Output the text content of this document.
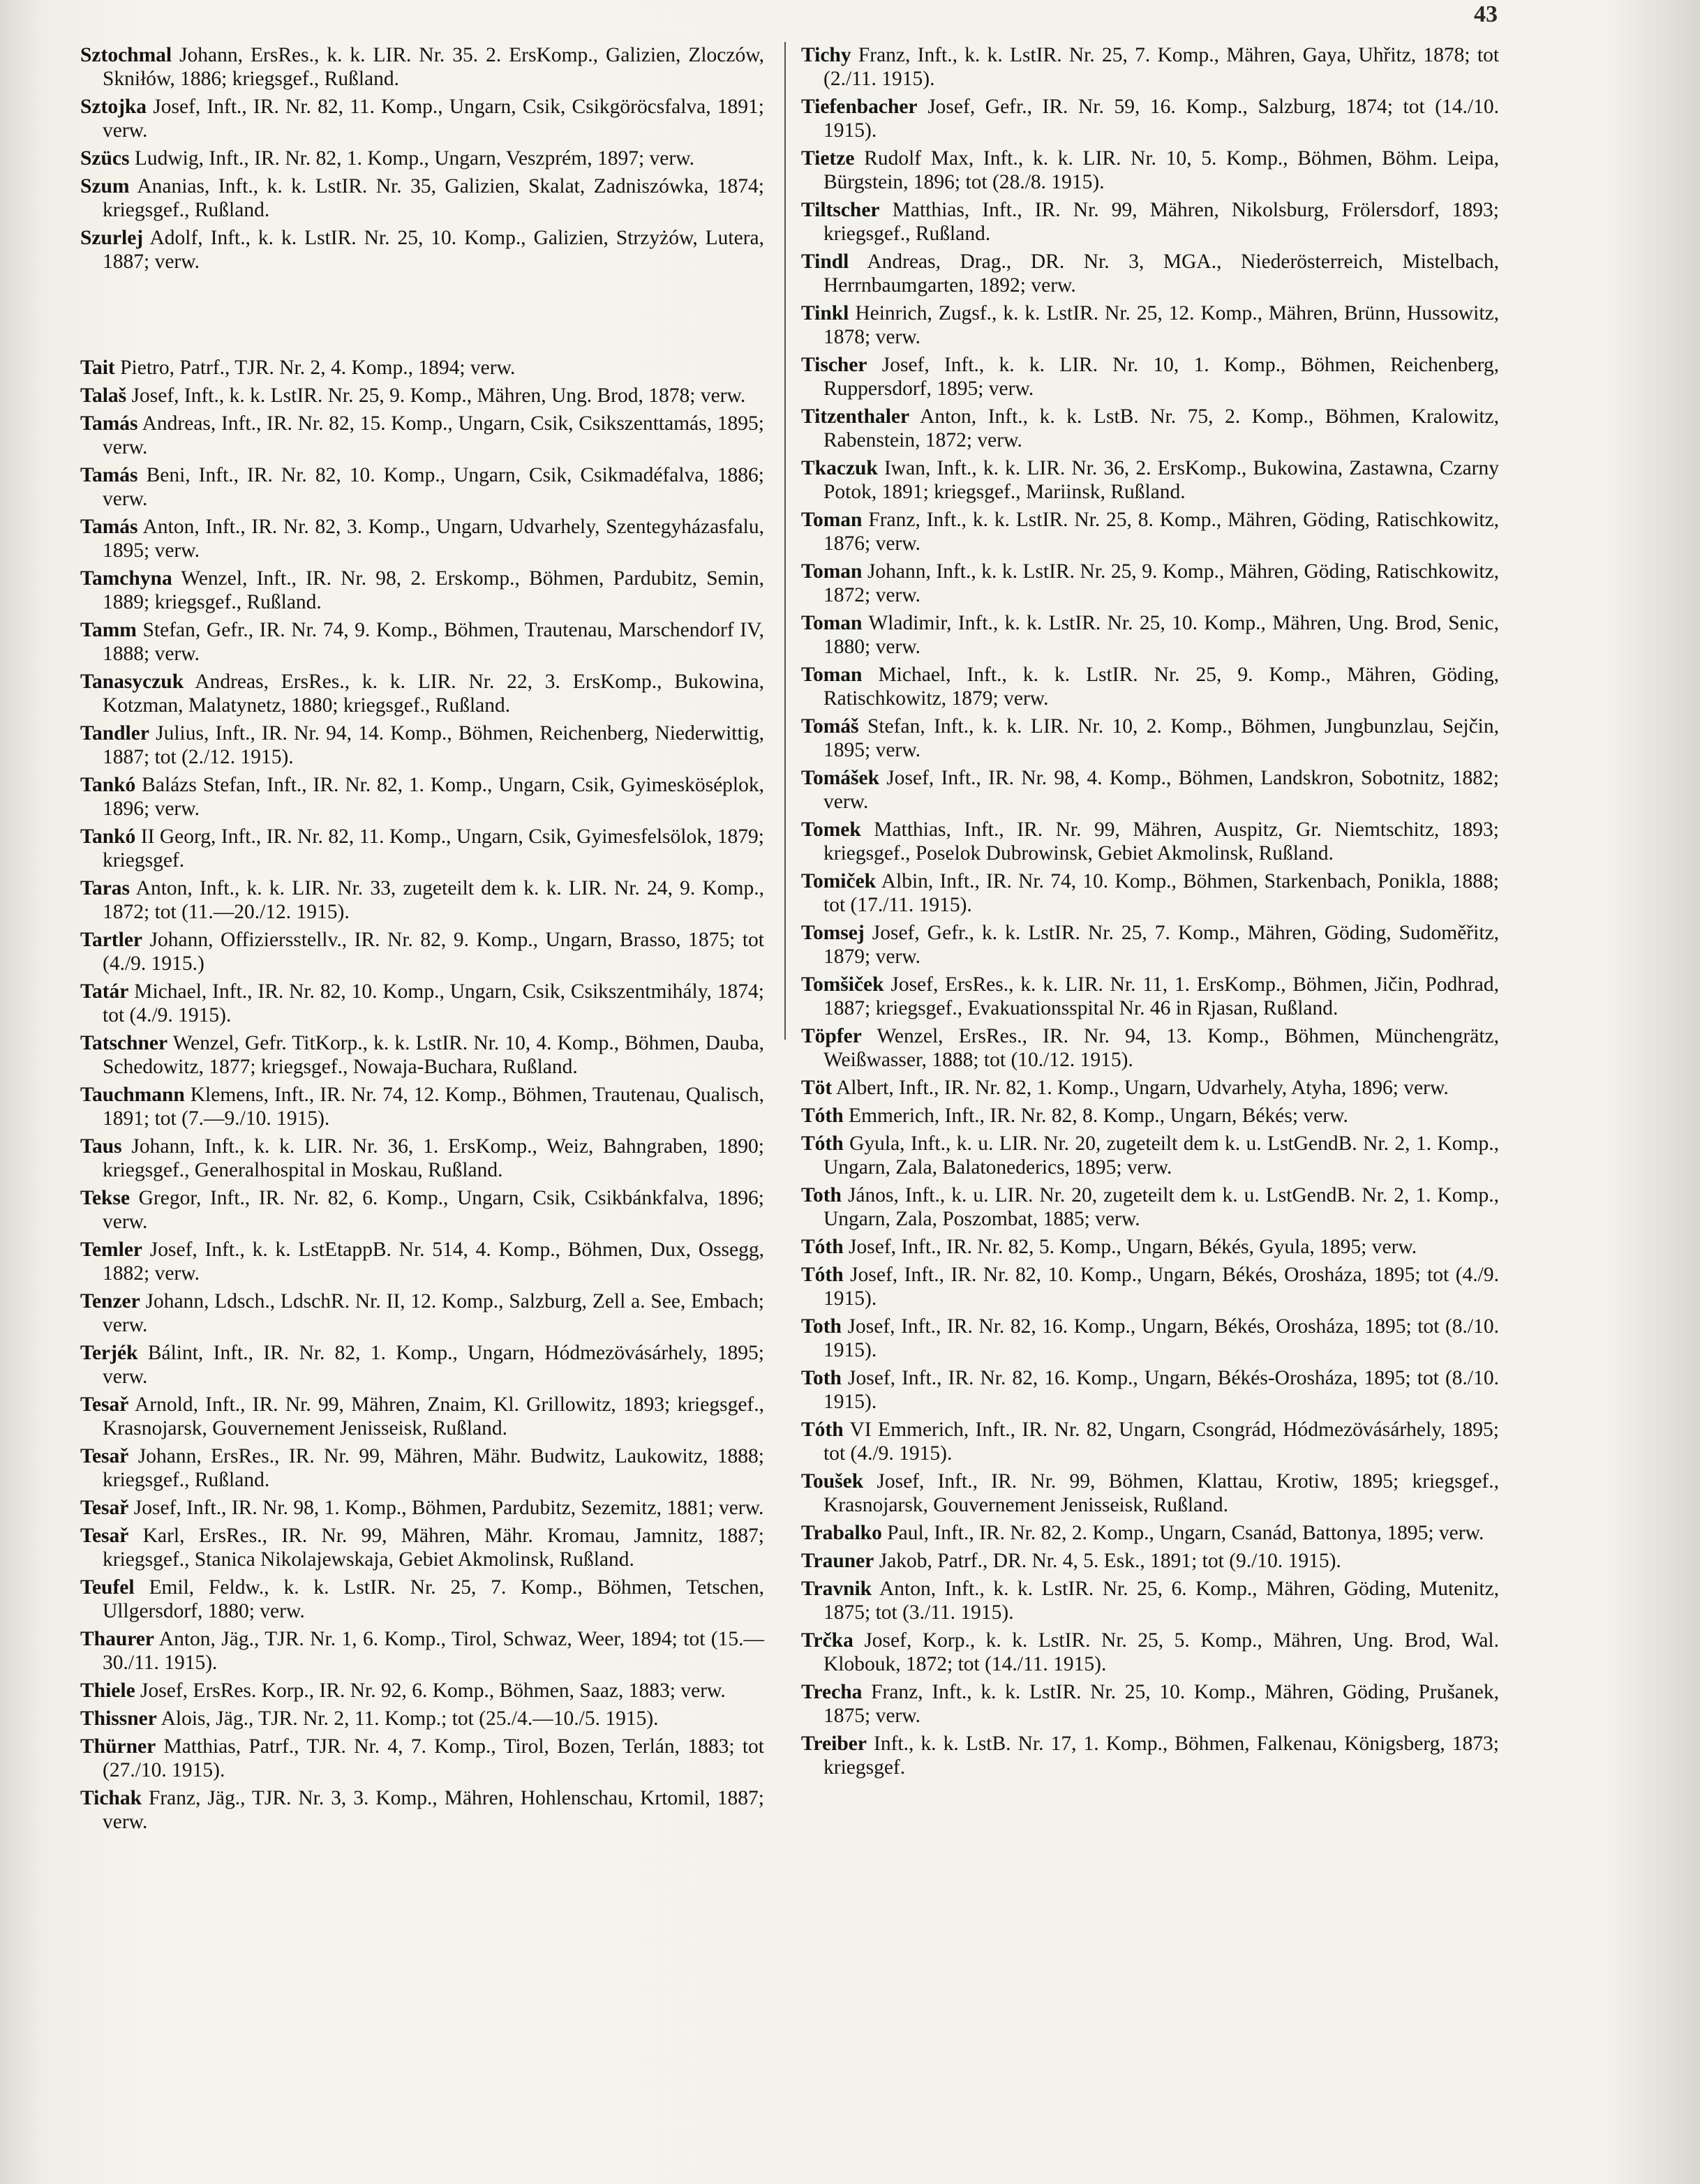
43

Sztochmal Johann, ErsRes., k. k. LIR. Nr. 35. 2. ErsKomp., Galizien, Zloczów, Skniłów, 1886; kriegsgef., Rußland.

Sztojka Josef, Inft., IR. Nr. 82, 11. Komp., Ungarn, Csik, Csikgöröcsfalva, 1891; verw.

Szücs Ludwig, Inft., IR. Nr. 82, 1. Komp., Ungarn, Veszprém, 1897; verw.

Szum Ananias, Inft., k. k. LstIR. Nr. 35, Galizien, Skalat, Zadniszówka, 1874; kriegsgef., Rußland.

Szurlej Adolf, Inft., k. k. LstIR. Nr. 25, 10. Komp., Galizien, Strzyżów, Lutera, 1887; verw.

Tait Pietro, Patrf., TJR. Nr. 2, 4. Komp., 1894; verw.

Talaš Josef, Inft., k. k. LstIR. Nr. 25, 9. Komp., Mähren, Ung. Brod, 1878; verw.

Tamás Andreas, Inft., IR. Nr. 82, 15. Komp., Ungarn, Csik, Csikszenttamás, 1895; verw.

Tamás Beni, Inft., IR. Nr. 82, 10. Komp., Ungarn, Csik, Csikmadéfalva, 1886; verw.

Tamás Anton, Inft., IR. Nr. 82, 3. Komp., Ungarn, Udvarhely, Szentegyházasfalu, 1895; verw.

Tamchyna Wenzel, Inft., IR. Nr. 98, 2. Erskomp., Böhmen, Pardubitz, Semin, 1889; kriegsgef., Rußland.

Tamm Stefan, Gefr., IR. Nr. 74, 9. Komp., Böhmen, Trautenau, Marschendorf IV, 1888; verw.

Tanasyczuk Andreas, ErsRes., k. k. LIR. Nr. 22, 3. ErsKomp., Bukowina, Kotzman, Malatynetz, 1880; kriegsgef., Rußland.

Tandler Julius, Inft., IR. Nr. 94, 14. Komp., Böhmen, Reichenberg, Niederwittig, 1887; tot (2./12. 1915).

Tankó Balázs Stefan, Inft., IR. Nr. 82, 1. Komp., Ungarn, Csik, Gyimesköséplok, 1896; verw.

Tankó II Georg, Inft., IR. Nr. 82, 11. Komp., Ungarn, Csik, Gyimesfelsölok, 1879; kriegsgef.

Taras Anton, Inft., k. k. LIR. Nr. 33, zugeteilt dem k. k. LIR. Nr. 24, 9. Komp., 1872; tot (11.—20./12. 1915).

Tartler Johann, Offiziersstellv., IR. Nr. 82, 9. Komp., Ungarn, Brasso, 1875; tot (4./9. 1915.)

Tatár Michael, Inft., IR. Nr. 82, 10. Komp., Ungarn, Csik, Csikszentmihály, 1874; tot (4./9. 1915).

Tatschner Wenzel, Gefr. TitKorp., k. k. LstIR. Nr. 10, 4. Komp., Böhmen, Dauba, Schedowitz, 1877; kriegsgef., Nowaja-Buchara, Rußland.

Tauchmann Klemens, Inft., IR. Nr. 74, 12. Komp., Böhmen, Trautenau, Qualisch, 1891; tot (7.—9./10. 1915).

Taus Johann, Inft., k. k. LIR. Nr. 36, 1. ErsKomp., Weiz, Bahngraben, 1890; kriegsgef., Generalhospital in Moskau, Rußland.

Tekse Gregor, Inft., IR. Nr. 82, 6. Komp., Ungarn, Csik, Csikbánkfalva, 1896; verw.

Temler Josef, Inft., k. k. LstEtappB. Nr. 514, 4. Komp., Böhmen, Dux, Ossegg, 1882; verw.

Tenzer Johann, Ldsch., LdschR. Nr. II, 12. Komp., Salzburg, Zell a. See, Embach; verw.

Terjék Bálint, Inft., IR. Nr. 82, 1. Komp., Ungarn, Hódmezövásárhely, 1895; verw.

Tesař Arnold, Inft., IR. Nr. 99, Mähren, Znaim, Kl. Grillowitz, 1893; kriegsgef., Krasnojarsk, Gouvernement Jenisseisk, Rußland.

Tesař Johann, ErsRes., IR. Nr. 99, Mähren, Mähr. Budwitz, Laukowitz, 1888; kriegsgef., Rußland.

Tesař Josef, Inft., IR. Nr. 98, 1. Komp., Böhmen, Pardubitz, Sezemitz, 1881; verw.

Tesař Karl, ErsRes., IR. Nr. 99, Mähren, Mähr. Kromau, Jamnitz, 1887; kriegsgef., Stanica Nikolajewskaja, Gebiet Akmolinsk, Rußland.

Teufel Emil, Feldw., k. k. LstIR. Nr. 25, 7. Komp., Böhmen, Tetschen, Ullgersdorf, 1880; verw.

Thaurer Anton, Jäg., TJR. Nr. 1, 6. Komp., Tirol, Schwaz, Weer, 1894; tot (15.—30./11. 1915).

Thiele Josef, ErsRes. Korp., IR. Nr. 92, 6. Komp., Böhmen, Saaz, 1883; verw.

Thissner Alois, Jäg., TJR. Nr. 2, 11. Komp.; tot (25./4.—10./5. 1915).

Thürner Matthias, Patrf., TJR. Nr. 4, 7. Komp., Tirol, Bozen, Terlán, 1883; tot (27./10. 1915).

Tichak Franz, Jäg., TJR. Nr. 3, 3. Komp., Mähren, Hohlenschau, Krtomil, 1887; verw.

Tichy Franz, Inft., k. k. LstIR. Nr. 25, 7. Komp., Mähren, Gaya, Uhřitz, 1878; tot (2./11. 1915).

Tiefenbacher Josef, Gefr., IR. Nr. 59, 16. Komp., Salzburg, 1874; tot (14./10. 1915).

Tietze Rudolf Max, Inft., k. k. LIR. Nr. 10, 5. Komp., Böhmen, Böhm. Leipa, Bürgstein, 1896; tot (28./8. 1915).

Tiltscher Matthias, Inft., IR. Nr. 99, Mähren, Nikolsburg, Frölersdorf, 1893; kriegsgef., Rußland.

Tindl Andreas, Drag., DR. Nr. 3, MGA., Niederösterreich, Mistelbach, Herrnbaumgarten, 1892; verw.

Tinkl Heinrich, Zugsf., k. k. LstIR. Nr. 25, 12. Komp., Mähren, Brünn, Hussowitz, 1878; verw.

Tischer Josef, Inft., k. k. LIR. Nr. 10, 1. Komp., Böhmen, Reichenberg, Ruppersdorf, 1895; verw.

Titzenthaler Anton, Inft., k. k. LstB. Nr. 75, 2. Komp., Böhmen, Kralowitz, Rabenstein, 1872; verw.

Tkaczuk Iwan, Inft., k. k. LIR. Nr. 36, 2. ErsKomp., Bukowina, Zastawna, Czarny Potok, 1891; kriegsgef., Mariinsk, Rußland.

Toman Franz, Inft., k. k. LstIR. Nr. 25, 8. Komp., Mähren, Göding, Ratischkowitz, 1876; verw.

Toman Johann, Inft., k. k. LstIR. Nr. 25, 9. Komp., Mähren, Göding, Ratischkowitz, 1872; verw.

Toman Wladimir, Inft., k. k. LstIR. Nr. 25, 10. Komp., Mähren, Ung. Brod, Senic, 1880; verw.

Toman Michael, Inft., k. k. LstIR. Nr. 25, 9. Komp., Mähren, Göding, Ratischkowitz, 1879; verw.

Tomáš Stefan, Inft., k. k. LIR. Nr. 10, 2. Komp., Böhmen, Jungbunzlau, Sejčin, 1895; verw.

Tomášek Josef, Inft., IR. Nr. 98, 4. Komp., Böhmen, Landskron, Sobotnitz, 1882; verw.

Tomek Matthias, Inft., IR. Nr. 99, Mähren, Auspitz, Gr. Niemtschitz, 1893; kriegsgef., Poselok Dubrowinsk, Gebiet Akmolinsk, Rußland.

Tomiček Albin, Inft., IR. Nr. 74, 10. Komp., Böhmen, Starkenbach, Ponikla, 1888; tot (17./11. 1915).

Tomsej Josef, Gefr., k. k. LstIR. Nr. 25, 7. Komp., Mähren, Göding, Sudoměřitz, 1879; verw.

Tomšiček Josef, ErsRes., k. k. LIR. Nr. 11, 1. ErsKomp., Böhmen, Jičin, Podhrad, 1887; kriegsgef., Evakuationsspital Nr. 46 in Rjasan, Rußland.

Töpfer Wenzel, ErsRes., IR. Nr. 94, 13. Komp., Böhmen, Münchengrätz, Weißwasser, 1888; tot (10./12. 1915).

Töt Albert, Inft., IR. Nr. 82, 1. Komp., Ungarn, Udvarhely, Atyha, 1896; verw.

Tóth Emmerich, Inft., IR. Nr. 82, 8. Komp., Ungarn, Békés; verw.

Tóth Gyula, Inft., k. u. LIR. Nr. 20, zugeteilt dem k. u. LstGendB. Nr. 2, 1. Komp., Ungarn, Zala, Balatonederics, 1895; verw.

Toth János, Inft., k. u. LIR. Nr. 20, zugeteilt dem k. u. LstGendB. Nr. 2, 1. Komp., Ungarn, Zala, Poszombat, 1885; verw.

Tóth Josef, Inft., IR. Nr. 82, 5. Komp., Ungarn, Békés, Gyula, 1895; verw.

Tóth Josef, Inft., IR. Nr. 82, 10. Komp., Ungarn, Békés, Orosháza, 1895; tot (4./9. 1915).

Toth Josef, Inft., IR. Nr. 82, 16. Komp., Ungarn, Békés, Orosháza, 1895; tot (8./10. 1915).

Toth Josef, Inft., IR. Nr. 82, 16. Komp., Ungarn, Békés-Orosháza, 1895; tot (8./10. 1915).

Tóth VI Emmerich, Inft., IR. Nr. 82, Ungarn, Csongrád, Hódmezövásárhely, 1895; tot (4./9. 1915).

Toušek Josef, Inft., IR. Nr. 99, Böhmen, Klattau, Krotiw, 1895; kriegsgef., Krasnojarsk, Gouvernement Jenisseisk, Rußland.

Trabalko Paul, Inft., IR. Nr. 82, 2. Komp., Ungarn, Csanád, Battonya, 1895; verw.

Trauner Jakob, Patrf., DR. Nr. 4, 5. Esk., 1891; tot (9./10. 1915).

Travnik Anton, Inft., k. k. LstIR. Nr. 25, 6. Komp., Mähren, Göding, Mutenitz, 1875; tot (3./11. 1915).

Trčka Josef, Korp., k. k. LstIR. Nr. 25, 5. Komp., Mähren, Ung. Brod, Wal. Klobouk, 1872; tot (14./11. 1915).

Trecha Franz, Inft., k. k. LstIR. Nr. 25, 10. Komp., Mähren, Göding, Prušanek, 1875; verw.

Treiber Inft., k. k. LstB. Nr. 17, 1. Komp., Böhmen, Falkenau, Königsberg, 1873; kriegsgef.
